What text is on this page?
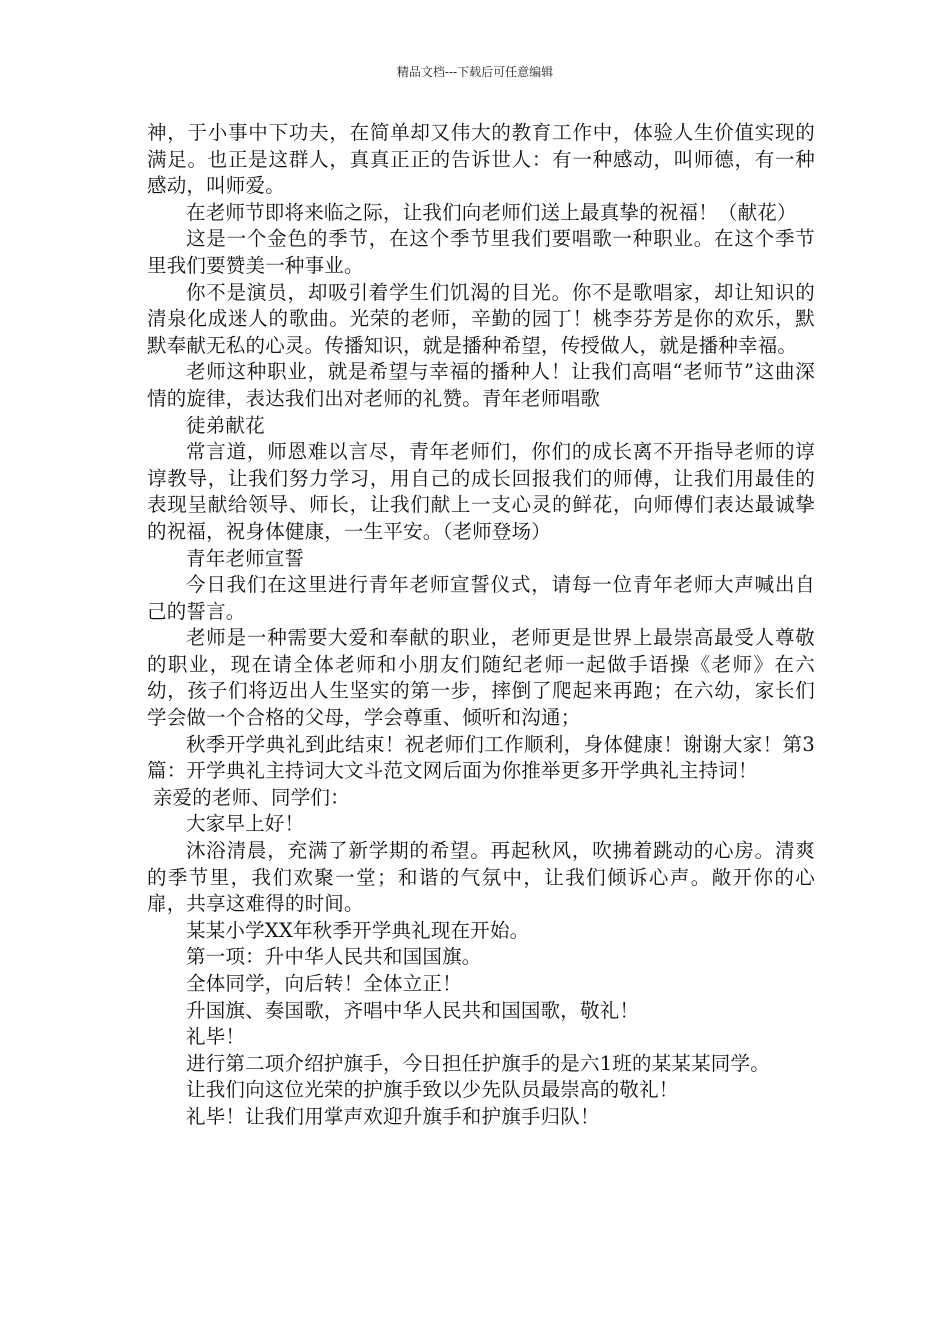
精品文档---下载后可任意编辑

神，于小事中下功夫，在简单却又伟大的教育工作中，体验人生价值实现的满足。也正是这群人，真真正正的告诉世人：有一种感动，叫师德，有一种感动，叫师爱。

在老师节即将来临之际，让我们向老师们送上最真挚的祝福！（献花）

这是一个金色的季节，在这个季节里我们要唱歌一种职业。在这个季节里我们要赞美一种事业。

你不是演员，却吸引着学生们饥渴的目光。你不是歌唱家，却让知识的清泉化成迷人的歌曲。光荣的老师，辛勤的园丁！桃李芬芳是你的欢乐，默默奉献无私的心灵。传播知识，就是播种希望，传授做人，就是播种幸福。

老师这种职业，就是希望与幸福的播种人！让我们高唱“老师节”这曲深情的旋律，表达我们出对老师的礼赞。青年老师唱歌

徒弟献花

常言道，师恩难以言尽，青年老师们，你们的成长离不开指导老师的谆谆教导，让我们努力学习，用自己的成长回报我们的师傅，让我们用最佳的表现呈献给领导、师长，让我们献上一支心灵的鲜花，向师傅们表达最诚挚的祝福，祝身体健康，一生平安。（老师登场）

青年老师宣誓

今日我们在这里进行青年老师宣誓仪式，请每一位青年老师大声喊出自己的誓言。

老师是一种需要大爱和奉献的职业，老师更是世界上最崇高最受人尊敬的职业，现在请全体老师和小朋友们随纪老师一起做手语操《老师》在六幼，孩子们将迈出人生坚实的第一步，摔倒了爬起来再跑；在六幼，家长们学会做一个合格的父母，学会尊重、倾听和沟通；

秋季开学典礼到此结束！祝老师们工作顺利，身体健康！谢谢大家！第3篇：开学典礼主持词大文斗范文网后面为你推举更多开学典礼主持词！

亲爱的老师、同学们：

大家早上好！

沐浴清晨，充满了新学期的希望。再起秋风，吹拂着跳动的心房。清爽的季节里，我们欢聚一堂；和谐的气氛中，让我们倾诉心声。敞开你的心扉，共享这难得的时间。

某某小学XX年秋季开学典礼现在开始。

第一项：升中华人民共和国国旗。

全体同学，向后转！全体立正！

升国旗、奏国歌，齐唱中华人民共和国国歌，敬礼！

礼毕！

进行第二项介绍护旗手，今日担任护旗手的是六1班的某某某同学。

让我们向这位光荣的护旗手致以少先队员最崇高的敬礼！

礼毕！让我们用掌声欢迎升旗手和护旗手归队！
